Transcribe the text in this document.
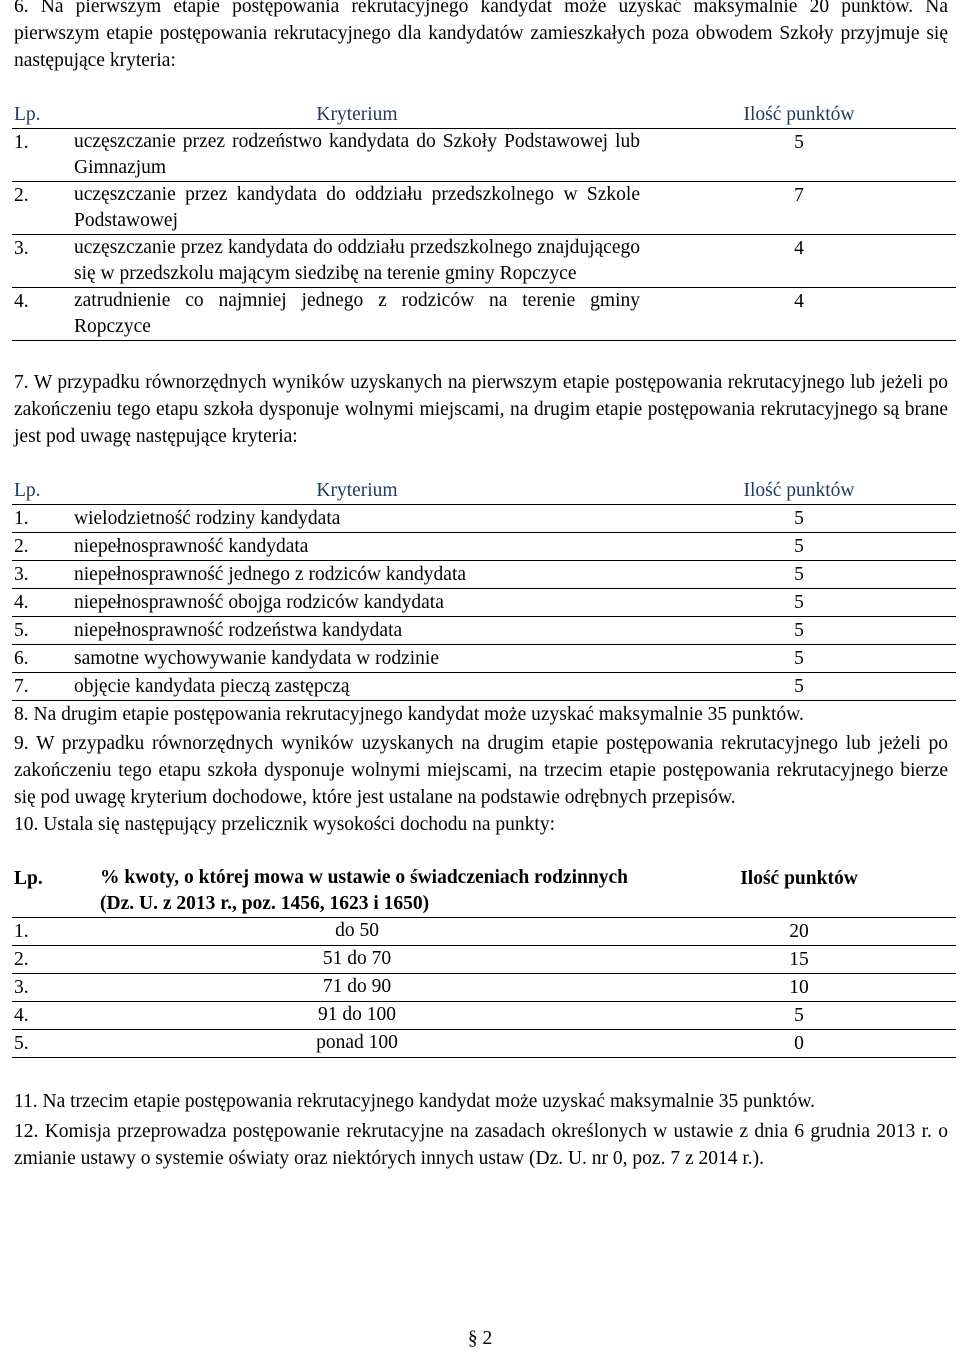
6. Na pierwszym etapie postępowania rekrutacyjnego kandydat może uzyskać maksymalnie 20 punktów. Na pierwszym etapie postępowania rekrutacyjnego dla kandydatów zamieszkałych poza obwodem Szkoły przyjmuje się następujące kryteria:

Lp.	Kryterium	Ilość punktów
1.	uczęszczanie przez rodzeństwo kandydata do Szkoły Podstawowej lub Gimnazjum	5
2.	uczęszczanie przez kandydata do oddziału przedszkolnego w Szkole Podstawowej	7
3.	uczęszczanie przez kandydata do oddziału przedszkolnego znajdującego się w przedszkolu mającym siedzibę na terenie gminy Ropczyce	4
4.	zatrudnienie co najmniej jednego z rodziców na terenie gminy Ropczyce	4

7. W przypadku równorzędnych wyników uzyskanych na pierwszym etapie postępowania rekrutacyjnego lub jeżeli po zakończeniu tego etapu szkoła dysponuje wolnymi miejscami, na drugim etapie postępowania rekrutacyjnego są brane jest pod uwagę następujące kryteria:

Lp.	Kryterium	Ilość punktów
1.	wielodzietność rodziny kandydata	5
2.	niepełnosprawność kandydata	5
3.	niepełnosprawność jednego z rodziców kandydata	5
4.	niepełnosprawność obojga rodziców kandydata	5
5.	niepełnosprawność rodzeństwa kandydata	5
6.	samotne wychowywanie kandydata w rodzinie	5
7.	objęcie kandydata pieczą zastępczą	5

8. Na drugim etapie postępowania rekrutacyjnego kandydat może uzyskać maksymalnie 35 punktów.

9. W przypadku równorzędnych wyników uzyskanych na drugim etapie postępowania rekrutacyjnego lub jeżeli po zakończeniu tego etapu szkoła dysponuje wolnymi miejscami, na trzecim etapie postępowania rekrutacyjnego bierze się pod uwagę kryterium dochodowe, które jest ustalane na podstawie odrębnych przepisów.

10. Ustala się następujący przelicznik wysokości dochodu na punkty:

Lp.	% kwoty, o której mowa w ustawie o świadczeniach rodzinnych (Dz. U. z 2013 r., poz. 1456, 1623 i 1650)	Ilość punktów
1.	do 50	20
2.	51 do 70	15
3.	71 do 90	10
4.	91 do 100	5
5.	ponad 100	0

11. Na trzecim etapie postępowania rekrutacyjnego kandydat może uzyskać maksymalnie 35 punktów.

12. Komisja przeprowadza postępowanie rekrutacyjne na zasadach określonych w ustawie z dnia 6 grudnia 2013 r. o zmianie ustawy o systemie oświaty oraz niektórych innych ustaw (Dz. U. nr 0, poz. 7 z 2014 r.).

§ 2
